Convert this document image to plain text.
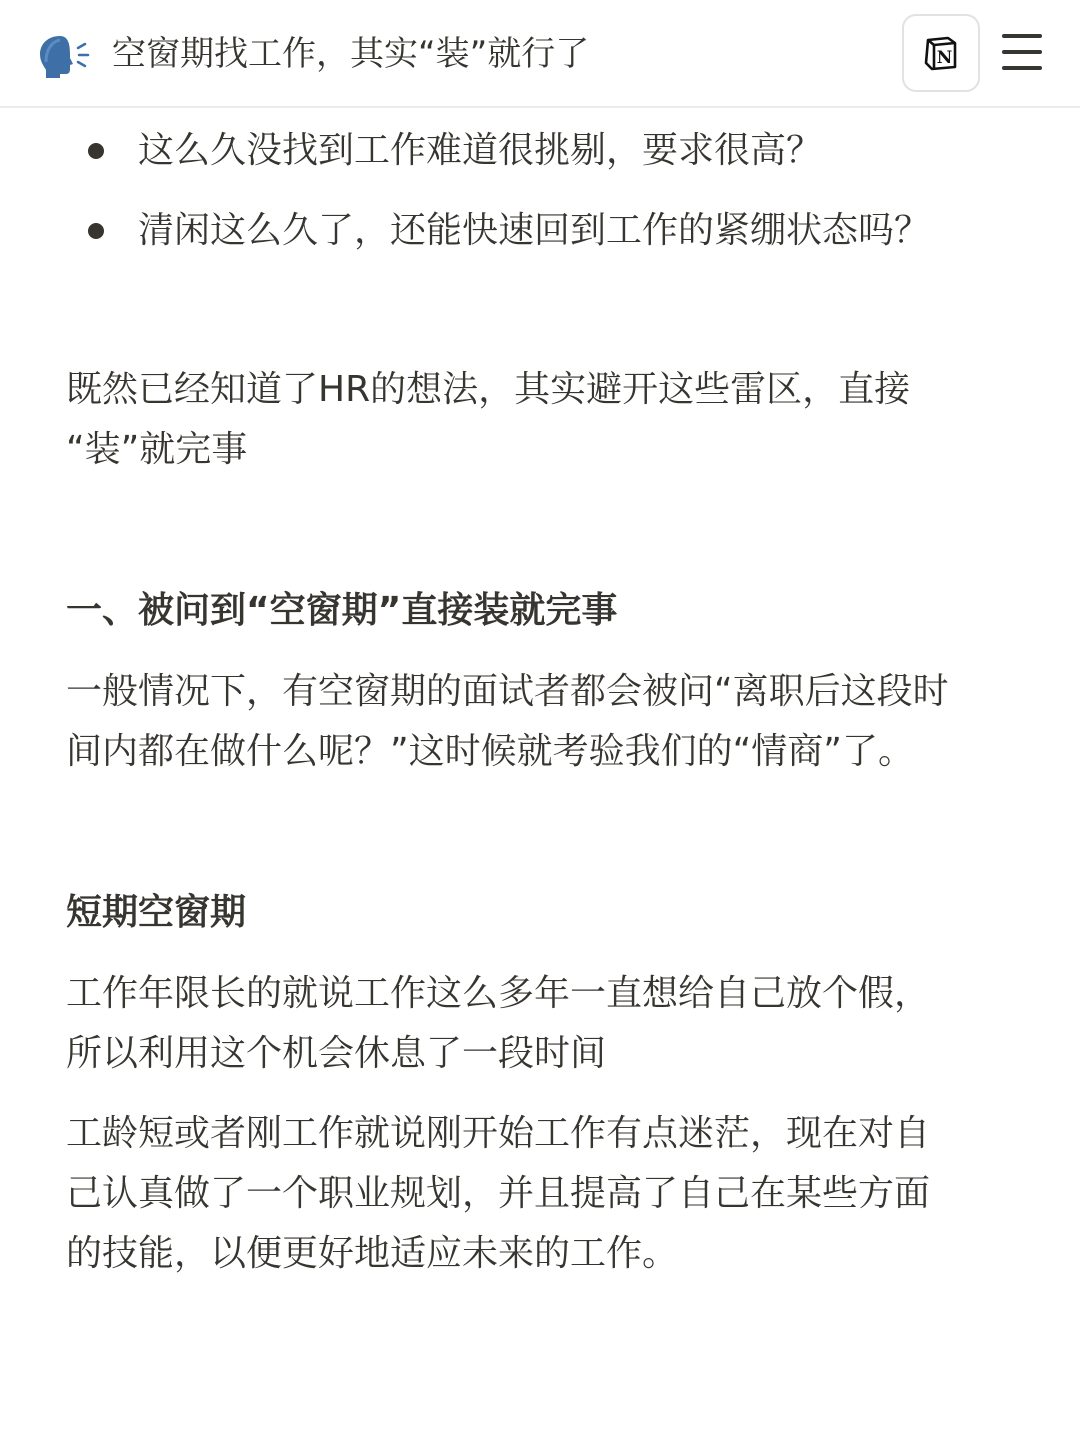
空窗期找工作，其实“装”就行了	N
这么久没找到工作难道很挑剔，要求很高？
清闲这么久了，还能快速回到工作的紧绷状态吗？
既然已经知道了HR的想法，其实避开这些雷区，直接
“装”就完事
一、被问到“空窗期”直接装就完事
一般情况下，有空窗期的面试者都会被问“离职后这段时
间内都在做什么呢？”这时候就考验我们的“情商”了。
短期空窗期
工作年限长的就说工作这么多年一直想给自己放个假，
所以利用这个机会休息了一段时间
工龄短或者刚工作就说刚开始工作有点迷茫，现在对自
己认真做了一个职业规划，并且提高了自己在某些方面
的技能，以便更好地适应未来的工作。
